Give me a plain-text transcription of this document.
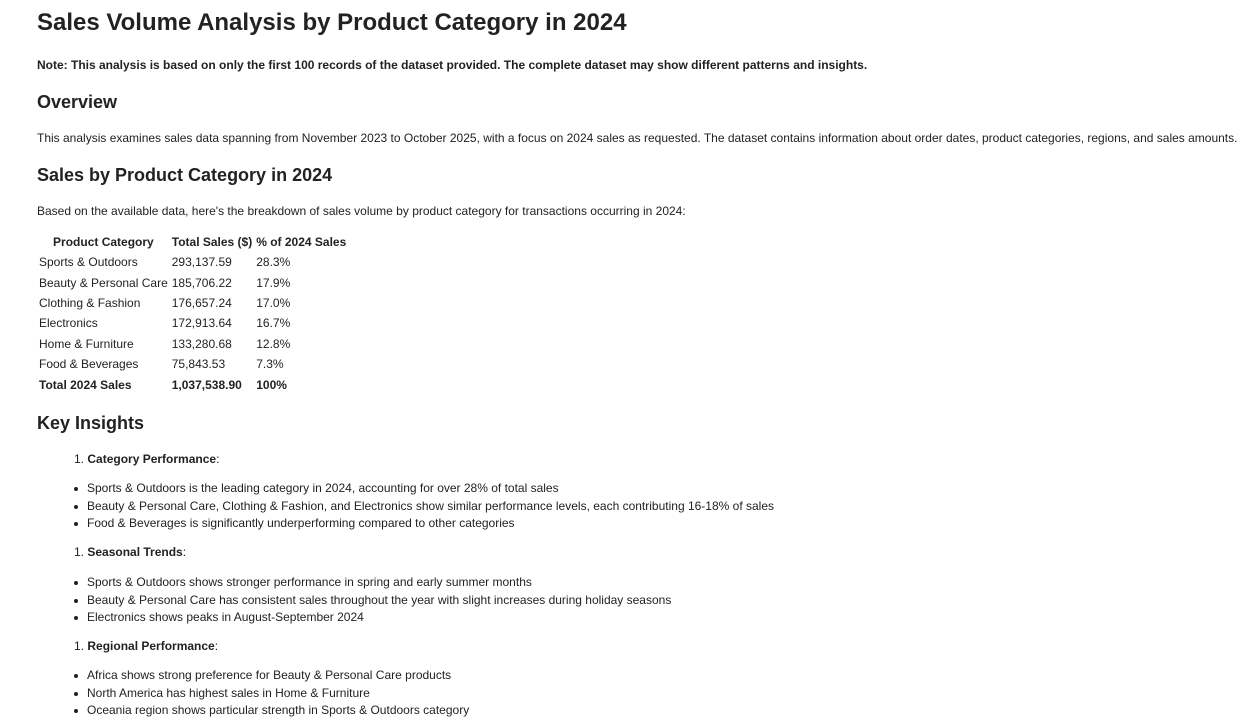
Sales Volume Analysis by Product Category in 2024

Note: This analysis is based on only the first 100 records of the dataset provided. The complete dataset may show different patterns and insights.

Overview

This analysis examines sales data spanning from November 2023 to October 2025, with a focus on 2024 sales as requested. The dataset contains information about order dates, product categories, regions, and sales amounts.

Sales by Product Category in 2024

Based on the available data, here's the breakdown of sales volume by product category for transactions occurring in 2024:

Product Category	Total Sales ($)	% of 2024 Sales
Sports & Outdoors	293,137.59	28.3%
Beauty & Personal Care	185,706.22	17.9%
Clothing & Fashion	176,657.24	17.0%
Electronics	172,913.64	16.7%
Home & Furniture	133,280.68	12.8%
Food & Beverages	75,843.53	7.3%
Total 2024 Sales	1,037,538.90	100%
Key Insights

1. Category Performance:

Sports & Outdoors is the leading category in 2024, accounting for over 28% of total sales
Beauty & Personal Care, Clothing & Fashion, and Electronics show similar performance levels, each contributing 16-18% of sales
Food & Beverages is significantly underperforming compared to other categories

1. Seasonal Trends:

Sports & Outdoors shows stronger performance in spring and early summer months
Beauty & Personal Care has consistent sales throughout the year with slight increases during holiday seasons
Electronics shows peaks in August-September 2024

1. Regional Performance:

Africa shows strong preference for Beauty & Personal Care products
North America has highest sales in Home & Furniture
Oceania region shows particular strength in Sports & Outdoors category
